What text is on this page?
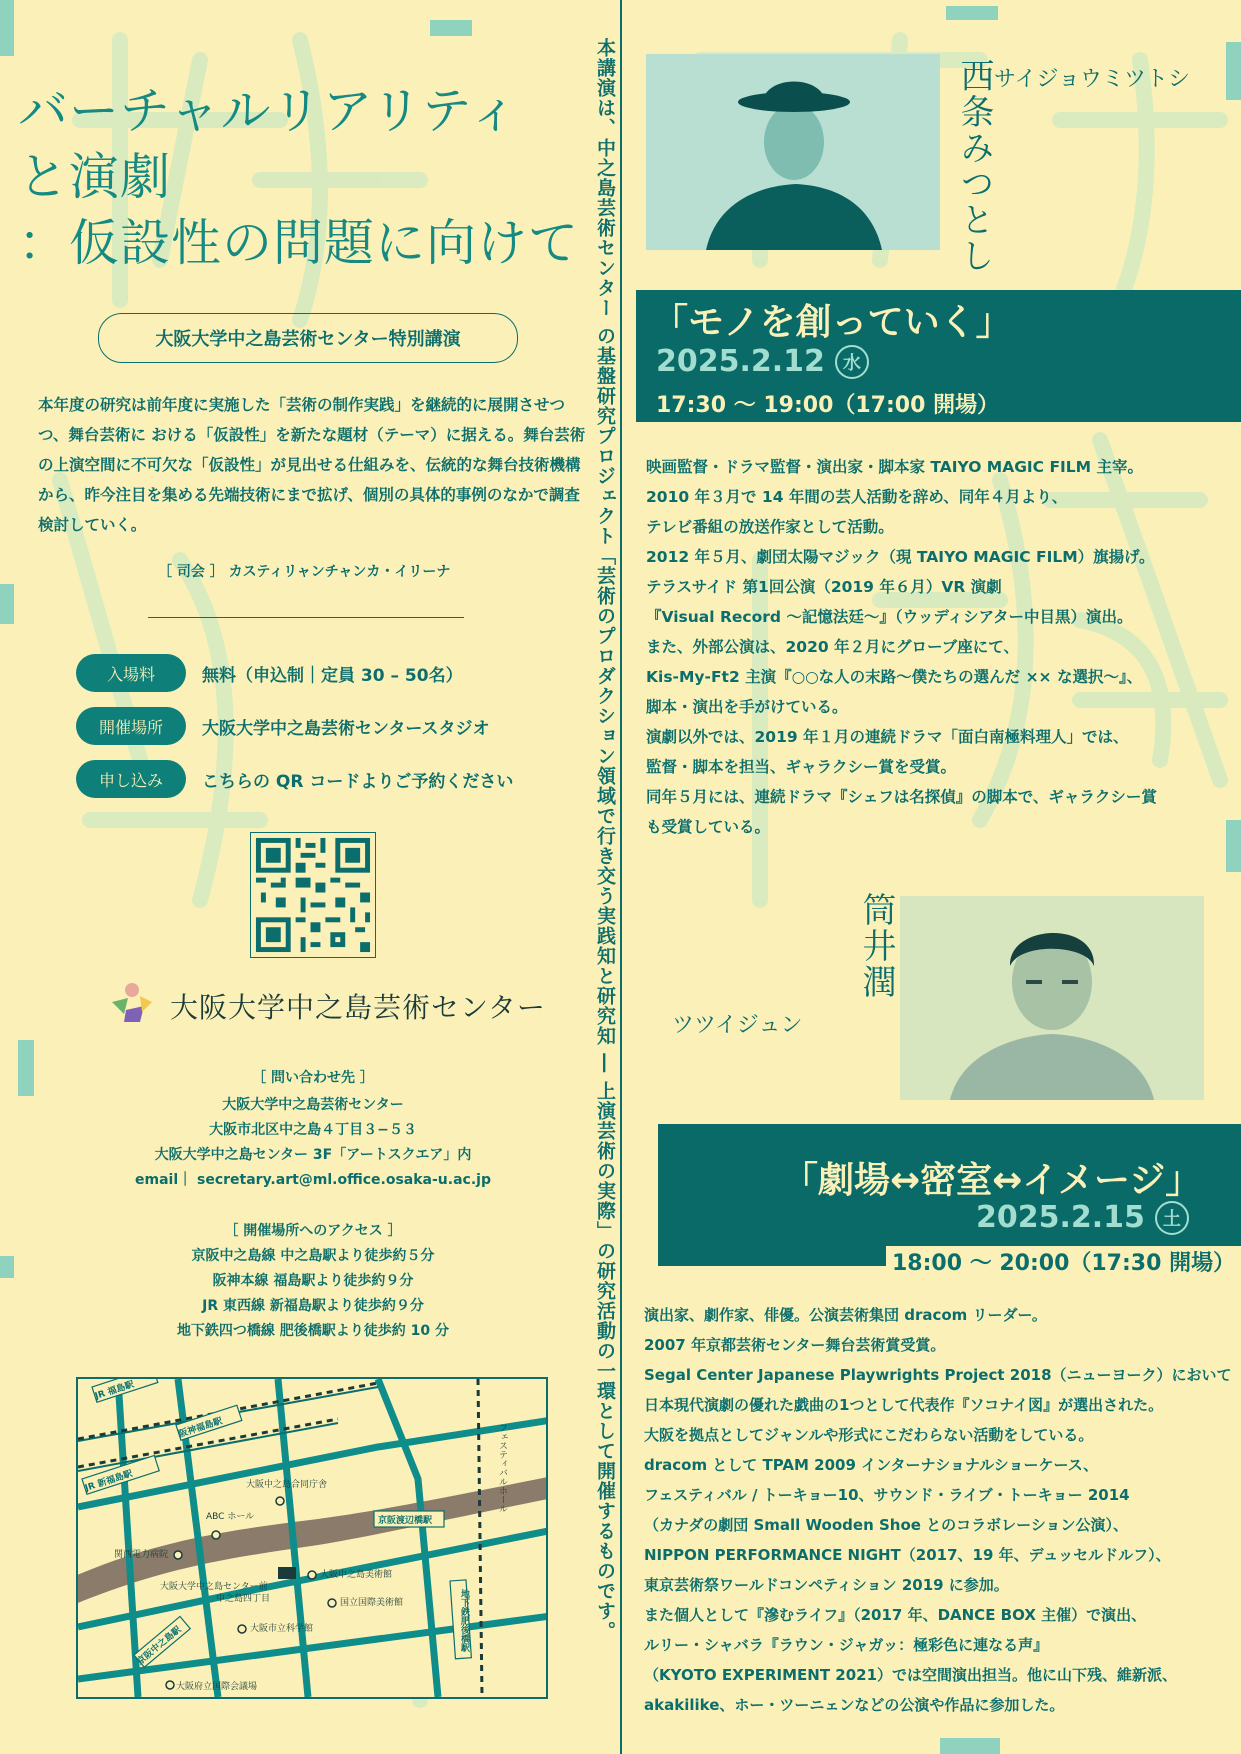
バーチャルリアリティ
と演劇
：仮設性の問題に向けて
大阪大学中之島芸術センター特別講演
本年度の研究は前年度に実施した「芸術の制作実践」を継続的に展開させつつ、舞台芸術に おける「仮設性」を新たな題材（テーマ）に据える。舞台芸術の上演空間に不可欠な「仮設性」が見出せる仕組みを、伝統的な舞台技術機構から、昨今注目を集める先端技術にまで拡げ、個別の具体的事例のなかで調査検討していく。
［ 司会 ］ カスティリャンチャンカ・イリーナ
入場料	無料（申込制｜定員 30 – 50名）
開催場所	大阪大学中之島芸術センタースタジオ
申し込み	こちらの QR コードよりご予約ください
大阪大学中之島芸術センター
［ 問い合わせ先 ］
大阪大学中之島芸術センター
大阪市北区中之島４丁目３−５３
大阪大学中之島センター 3F「アートスクエア」内
email｜ secretary.art@ml.office.osaka-u.ac.jp
［ 開催場所へのアクセス ］
京阪中之島線 中之島駅より徒歩約５分
阪神本線 福島駅より徒歩約９分
JR 東西線 新福島駅より徒歩約９分
地下鉄四つ橋線 肥後橋駅より徒歩約 10 分
JR 福島駅
阪神福島駅
JR 新福島駅
京阪渡辺橋駅
京阪中之島駅
大阪中之島合同庁舎
ABC ホール
関西電力病院
大阪大学中之島センター前
中之島四丁目
大阪中之島美術館
国立国際美術館
大阪市立科学館
大阪府立国際会議場
地下鉄肥後橋駅
フェスティバルホール	本講演は、中之島芸術センター の基盤研究プロジェクト「芸術のプロダクション領域で行き交う実践知と研究知 ― 上演芸術の実際」の研究活動の一環として開催するものです。	サイジョウミツトシ
西条みつとし
「モノを創っていく」
2025.2.12	水
17:30 〜 19:00（17:00 開場）
映画監督・ドラマ監督・演出家・脚本家 TAIYO MAGIC FILM 主宰。
2010 年３月で 14 年間の芸人活動を辞め、同年４月より、
テレビ番組の放送作家として活動。
2012 年５月、劇団太陽マジック（現 TAIYO MAGIC FILM）旗揚げ。
テラスサイド 第1回公演（2019 年６月）VR 演劇
『Visual Record 〜記憶法廷〜』（ウッディシアター中目黒）演出。
また、外部公演は、2020 年２月にグローブ座にて、
Kis-My-Ft2 主演『○○な人の末路〜僕たちの選んだ ×× な選択〜』、
脚本・演出を手がけている。
演劇以外では、2019 年１月の連続ドラマ「面白南極料理人」では、
監督・脚本を担当、ギャラクシー賞を受賞。
同年５月には、連続ドラマ『シェフは名探偵』の脚本で、ギャラクシー賞
も受賞している。
筒井潤
ツツイジュン
「劇場↔密室↔イメージ」
2025.2.15	土
18:00 〜 20:00（17:30 開場）
演出家、劇作家、俳優。公演芸術集団 dracom リーダー。
2007 年京都芸術センター舞台芸術賞受賞。
Segal Center Japanese Playwrights Project 2018（ニューヨーク）において
日本現代演劇の優れた戯曲の1つとして代表作『ソコナイ図』が選出された。
大阪を拠点としてジャンルや形式にこだわらない活動をしている。
dracom として TPAM 2009 インターナショナルショーケース、
フェスティバル / トーキョー10、サウンド・ライブ・トーキョー 2014
（カナダの劇団 Small Wooden Shoe とのコラボレーション公演）、
NIPPON PERFORMANCE NIGHT（2017、19 年、デュッセルドルフ）、
東京芸術祭ワールドコンペティション 2019 に参加。
また個人として『滲むライフ』（2017 年、DANCE BOX 主催）で演出、
ルリー・シャバラ『ラウン・ジャガッ：極彩色に連なる声』
（KYOTO EXPERIMENT 2021）では空間演出担当。他に山下残、維新派、
akakilike、ホー・ツーニェンなどの公演や作品に参加した。
